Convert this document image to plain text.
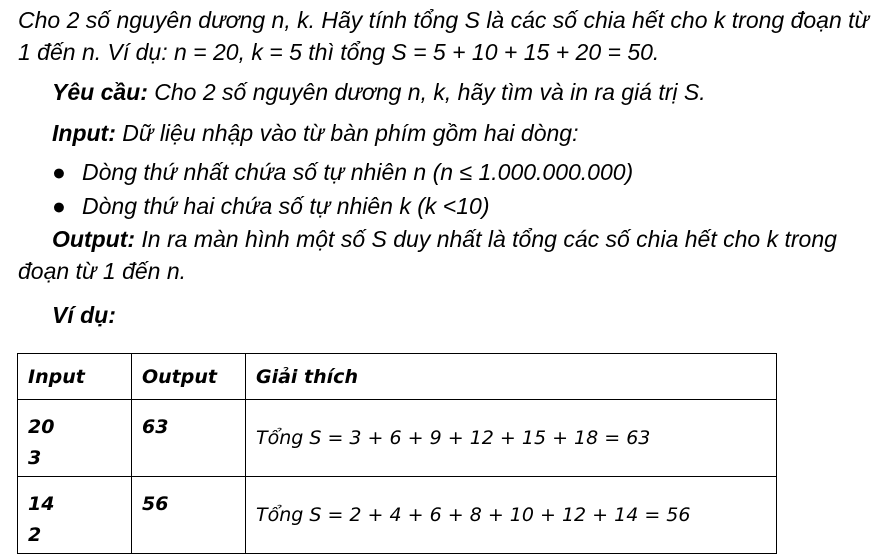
Cho 2 số nguyên dương n, k. Hãy tính tổng S là các số chia hết cho k trong đoạn từ 1 đến n. Ví dụ: n = 20, k = 5 thì tổng S = 5 + 10 + 15 + 20 = 50.

Yêu cầu: Cho 2 số nguyên dương n, k, hãy tìm và in ra giá trị S.

Input: Dữ liệu nhập vào từ bàn phím gồm hai dòng:

● Dòng thứ nhất chứa số tự nhiên n (n ≤ 1.000.000.000)
● Dòng thứ hai chứa số tự nhiên k (k <10)

Output: In ra màn hình một số S duy nhất là tổng các số chia hết cho k trong đoạn từ 1 đến n.

Ví dụ:

Input	Output	Giải thích

20
3	63	Tổng S = 3 + 6 + 9 + 12 + 15 + 18 = 63

14
2	56	Tổng S = 2 + 4 + 6 + 8 + 10 + 12 + 14 = 56
